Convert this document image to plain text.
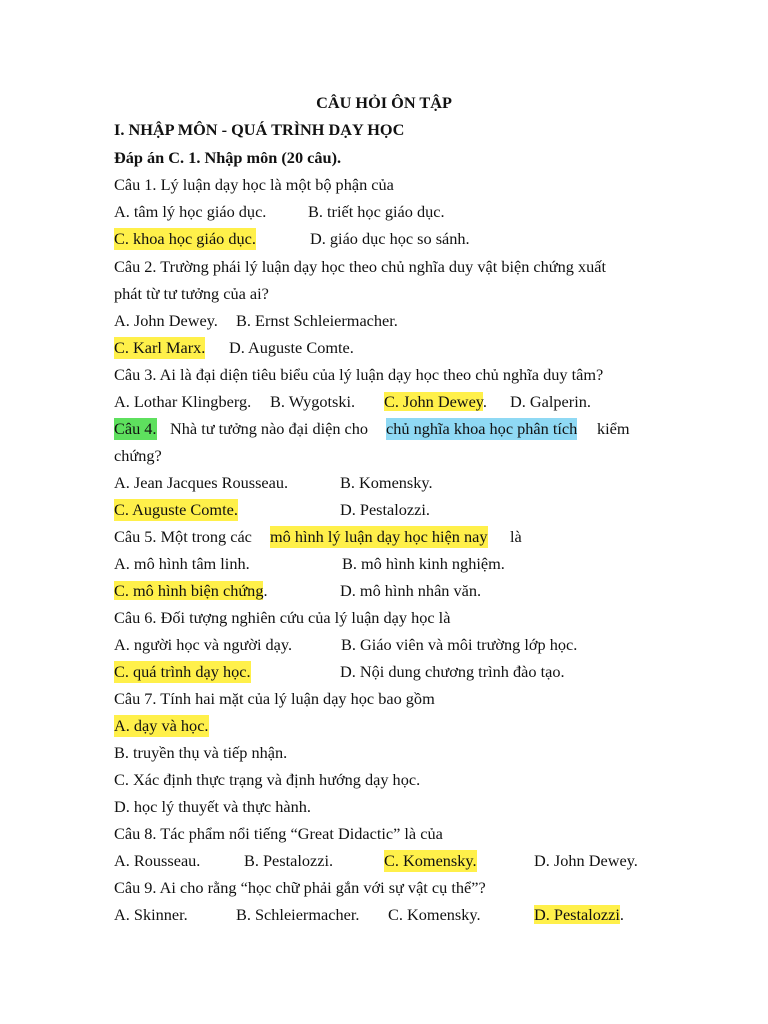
CÂU HỎI ÔN TẬP
I. NHẬP MÔN - QUÁ TRÌNH DẠY HỌC
Đáp án C. 1. Nhập môn (20 câu).
Câu 1. Lý luận dạy học là một bộ phận của
A. tâm lý học giáo dục.	B. triết học giáo dục.
C. khoa học giáo dục.	D. giáo dục học so sánh.
Câu 2. Trường phái lý luận dạy học theo chủ nghĩa duy vật biện chứng xuất
phát từ tư tưởng của ai?
A. John Dewey. B. Ernst Schleiermacher.
C. Karl Marx. D. Auguste Comte.
Câu 3. Ai là đại diện tiêu biểu của lý luận dạy học theo chủ nghĩa duy tâm?
A. Lothar Klingberg. B. Wygotski. C. John Dewey. D. Galperin.
Câu 4. Nhà tư tưởng nào đại diện cho chủ nghĩa khoa học phân tích kiểm
chứng?
A. Jean Jacques Rousseau.	B. Komensky.
C. Auguste Comte.	D. Pestalozzi.
Câu 5. Một trong các mô hình lý luận dạy học hiện nay là
A. mô hình tâm linh.	B. mô hình kinh nghiệm.
C. mô hình biện chứng.	D. mô hình nhân văn.
Câu 6. Đối tượng nghiên cứu của lý luận dạy học là
A. người học và người dạy.	B. Giáo viên và môi trường lớp học.
C. quá trình dạy học.	D. Nội dung chương trình đào tạo.
Câu 7. Tính hai mặt của lý luận dạy học bao gồm
A. dạy và học.
B. truyền thụ và tiếp nhận.
C. Xác định thực trạng và định hướng dạy học.
D. học lý thuyết và thực hành.
Câu 8. Tác phẩm nổi tiếng “Great Didactic” là của
A. Rousseau.	B. Pestalozzi.	C. Komensky.	D. John Dewey.
Câu 9. Ai cho rằng “học chữ phải gắn với sự vật cụ thể”?
A. Skinner.	B. Schleiermacher. C. Komensky.	D. Pestalozzi.
